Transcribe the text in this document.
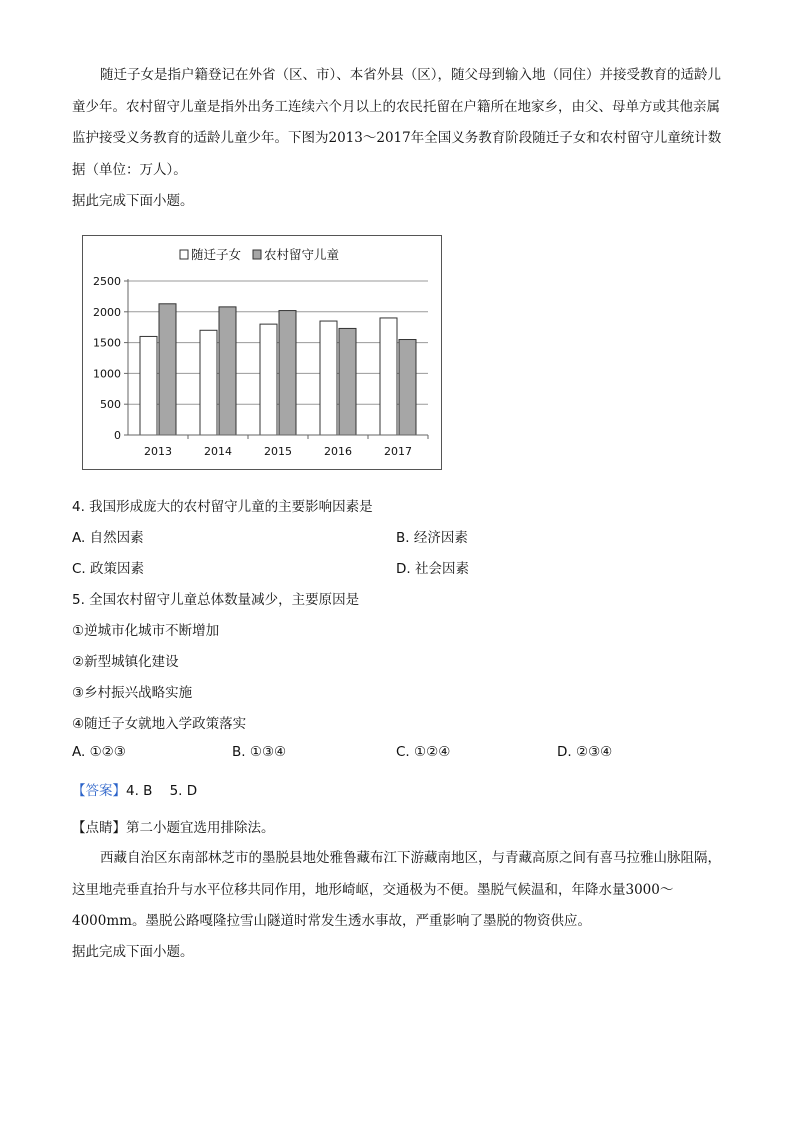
随迁子女是指户籍登记在外省（区、市）、本省外县（区），随父母到输入地（同住）并接受教育的适龄儿童少年。农村留守儿童是指外出务工连续六个月以上的农民托留在户籍所在地家乡，由父、母单方或其他亲属监护接受义务教育的适龄儿童少年。下图为2013～2017年全国义务教育阶段随迁子女和农村留守儿童统计数据（单位：万人）。

据此完成下面小题。

随迁子女 农村留守儿童
0
500
1000
1500
2000
2500
2013	2014	2015	2016	2017
4. 我国形成庞大的农村留守儿童的主要影响因素是
A. 自然因素	B. 经济因素
C. 政策因素	D. 社会因素
5. 全国农村留守儿童总体数量减少，主要原因是
①逆城市化城市不断增加
②新型城镇化建设
③乡村振兴战略实施
④随迁子女就地入学政策落实
A. ①②③	B. ①③④	C. ①②④	D. ②③④
【答案】4. B    5. D
【点睛】第二小题宜选用排除法。

西藏自治区东南部林芝市的墨脱县地处雅鲁藏布江下游藏南地区，与青藏高原之间有喜马拉雅山脉阻隔，这里地壳垂直抬升与水平位移共同作用，地形崎岖，交通极为不便。墨脱气候温和，年降水量3000～4000mm。墨脱公路嘎隆拉雪山隧道时常发生透水事故，严重影响了墨脱的物资供应。

据此完成下面小题。
